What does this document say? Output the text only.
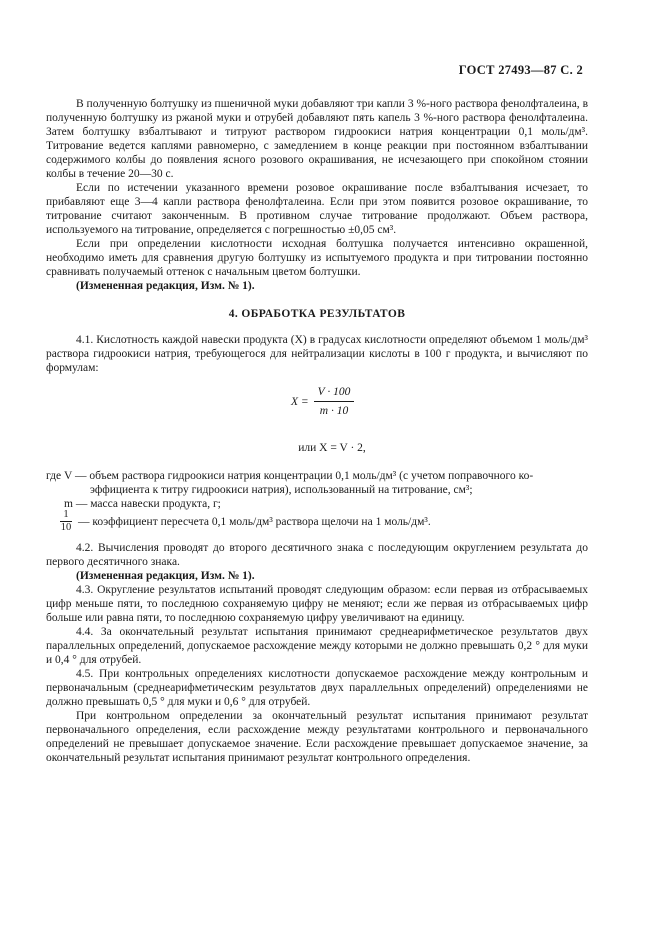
ГОСТ 27493—87 С. 2

В полученную болтушку из пшеничной муки добавляют три капли 3 %-ного раствора фенолфталеина, в полученную болтушку из ржаной муки и отрубей добавляют пять капель 3 %-ного раствора фенолфталеина. Затем болтушку взбалтывают и титруют раствором гидроокиси натрия концентрации 0,1 моль/дм³. Титрование ведется каплями равномерно, с замедлением в конце реакции при постоянном взбалтывании содержимого колбы до появления ясного розового окрашивания, не исчезающего при спокойном стоянии колбы в течение 20—30 с.

Если по истечении указанного времени розовое окрашивание после взбалтывания исчезает, то прибавляют еще 3—4 капли раствора фенолфталеина. Если при этом появится розовое окрашивание, то титрование считают законченным. В противном случае титрование продолжают. Объем раствора, используемого на титрование, определяется с погрешностью ±0,05 см³.

Если при определении кислотности исходная болтушка получается интенсивно окрашенной, необходимо иметь для сравнения другую болтушку из испытуемого продукта и при титровании постоянно сравнивать получаемый оттенок с начальным цветом болтушки.

(Измененная редакция, Изм. № 1).

4. ОБРАБОТКА РЕЗУЛЬТАТОВ

4.1. Кислотность каждой навески продукта (X) в градусах кислотности определяют объемом 1 моль/дм³ раствора гидроокиси натрия, требующегося для нейтрализации кислоты в 100 г продукта, и вычисляют по формулам:

$X = \frac{V \cdot 100}{m \cdot 10}$

или X = V · 2,

где V — объем раствора гидроокиси натрия концентрации 0,1 моль/дм³ (с учетом поправочного ко-
эффициента к титру гидроокиси натрия), использованный на титрование, см³;
m — масса навески продукта, г;
$\frac{1}{10}$ — коэффициент пересчета 0,1 моль/дм³ раствора щелочи на 1 моль/дм³.

4.2. Вычисления проводят до второго десятичного знака с последующим округлением результата до первого десятичного знака.

(Измененная редакция, Изм. № 1).

4.3. Округление результатов испытаний проводят следующим образом: если первая из отбрасываемых цифр меньше пяти, то последнюю сохраняемую цифру не меняют; если же первая из отбрасываемых цифр больше или равна пяти, то последнюю сохраняемую цифру увеличивают на единицу.

4.4. За окончательный результат испытания принимают среднеарифметическое результатов двух параллельных определений, допускаемое расхождение между которыми не должно превышать 0,2 ° для муки и 0,4 ° для отрубей.

4.5. При контрольных определениях кислотности допускаемое расхождение между контрольным и первоначальным (среднеарифметическим результатов двух параллельных определений) определениями не должно превышать 0,5 ° для муки и 0,6 ° для отрубей.

При контрольном определении за окончательный результат испытания принимают результат первоначального определения, если расхождение между результатами контрольного и первоначального определений не превышает допускаемое значение. Если расхождение превышает допускаемое значение, за окончательный результат испытания принимают результат контрольного определения.
